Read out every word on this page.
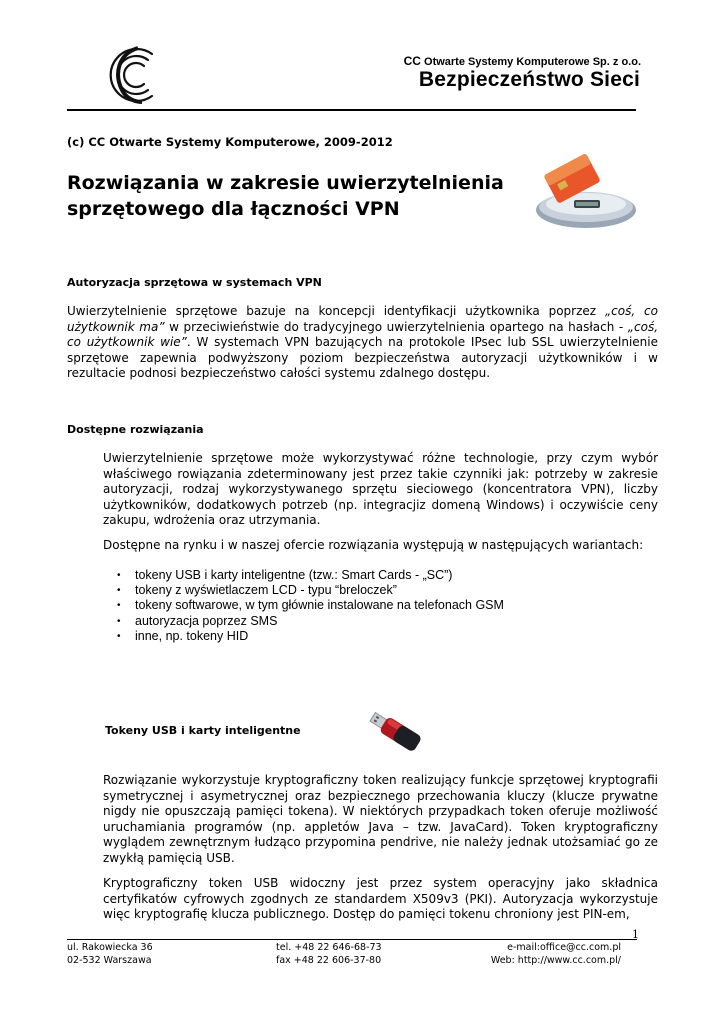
CC Otwarte Systemy Komputerowe Sp. z o.o.
Bezpieczeństwo Sieci
(c) CC Otwarte Systemy Komputerowe, 2009-2012
Rozwiązania w zakresie uwierzytelnienia
sprzętowego dla łączności VPN
Autoryzacja sprzętowa w systemach VPN
Uwierzytelnienie sprzętowe bazuje na koncepcji identyfikacji użytkownika poprzez „coś, co użytkownik ma” w przeciwieństwie do tradycyjnego uwierzytelnienia opartego na hasłach - „coś, co użytkownik wie”. W systemach VPN bazujących na protokole IPsec lub SSL uwierzytelnienie sprzętowe zapewnia podwyższony poziom bezpieczeństwa autoryzacji użytkowników i w rezultacie podnosi bezpieczeństwo całości systemu zdalnego dostępu.
Dostępne rozwiązania
Uwierzytelnienie sprzętowe może wykorzystywać różne technologie, przy czym wybór właściwego rowiązania zdeterminowany jest przez takie czynniki jak: potrzeby w zakresie autoryzacji, rodzaj wykorzystywanego sprzętu sieciowego (koncentratora VPN), liczby użytkowników, dodatkowych potrzeb (np. integracjiz domeną Windows) i oczywiście ceny zakupu, wdrożenia oraz utrzymania.
Dostępne na rynku i w naszej ofercie rozwiązania występują w następujących wariantach:
• tokeny USB i karty inteligentne (tzw.: Smart Cards - „SC”)
• tokeny z wyświetlaczem LCD - typu “breloczek”
• tokeny softwarowe, w tym głównie instalowane na telefonach GSM
• autoryzacja poprzez SMS
• inne, np. tokeny HID
Tokeny USB i karty inteligentne
Rozwiązanie wykorzystuje kryptograficzny token realizujący funkcje sprzętowej kryptografii symetrycznej i asymetrycznej oraz bezpiecznego przechowania kluczy (klucze prywatne nigdy nie opuszczają pamięci tokena). W niektórych przypadkach token oferuje możliwość uruchamiania programów (np. appletów Java – tzw. JavaCard). Token kryptograficzny wyglądem zewnętrznym łudząco przypomina pendrive, nie należy jednak utożsamiać go ze zwykłą pamięcią USB.
Kryptograficzny token USB widoczny jest przez system operacyjny jako składnica certyfikatów cyfrowych zgodnych ze standardem X509v3 (PKI). Autoryzacja wykorzystuje więc kryptografię klucza publicznego. Dostęp do pamięci tokenu chroniony jest PIN-em,
1
ul. Rakowiecka 36
02-532 Warszawa
tel. +48 22 646-68-73
fax +48 22 606-37-80
e-mail:office@cc.com.pl
Web: http://www.cc.com.pl/
